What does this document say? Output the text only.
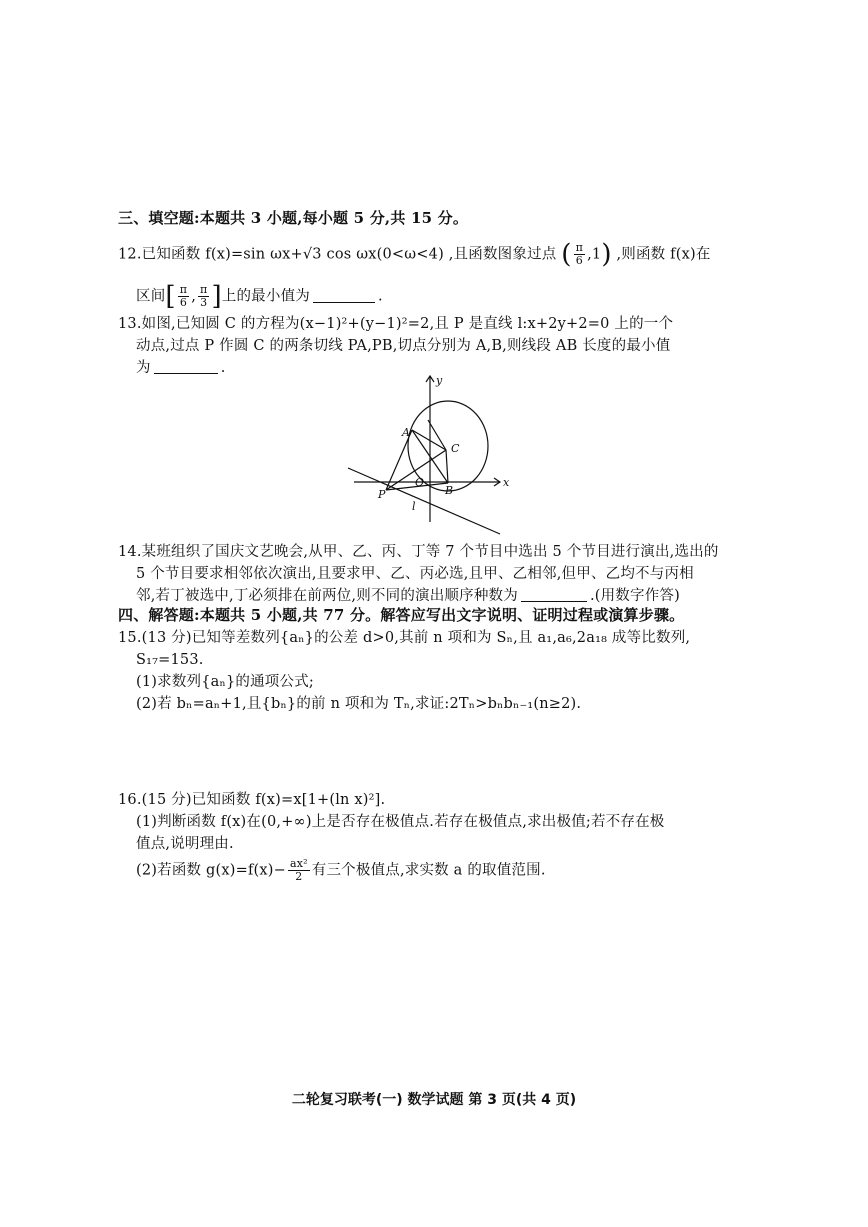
三、填空题:本题共 3 小题,每小题 5 分,共 15 分。
12.已知函数 f(x)=sin ωx+√3 cos ωx(0<ω<4) ,且函数图象过点 ( $\frac{\pi}{6} ,1$) ,则函数 f(x)在
区间[ $\frac{\pi}{6}$ , $\frac{\pi}{3}$ ]上的最小值为	.
13.如图,已知圆 C 的方程为(x−1)²+(y−1)²=2,且 P 是直线 l:x+2y+2=0 上的一个
动点,过点 P 作圆 C 的两条切线 PA,PB,切点分别为 A,B,则线段 AB 长度的最小值
为	.
y
x
A
C
O
B
P
l
14.某班组织了国庆文艺晚会,从甲、乙、丙、丁等 7 个节目中选出 5 个节目进行演出,选出的
5 个节目要求相邻依次演出,且要求甲、乙、丙必选,且甲、乙相邻,但甲、乙均不与丙相
邻,若丁被选中,丁必须排在前两位,则不同的演出顺序种数为	.(用数字作答)
四、解答题:本题共 5 小题,共 77 分。解答应写出文字说明、证明过程或演算步骤。
15.(13 分)已知等差数列{aₙ}的公差 d>0,其前 n 项和为 Sₙ,且 a₁,a₆,2a₁₈ 成等比数列,
S₁₇=153.
(1)求数列{aₙ}的通项公式;
(2)若 bₙ=aₙ+1,且{bₙ}的前 n 项和为 Tₙ,求证:2Tₙ>bₙbₙ₋₁(n≥2).
16.(15 分)已知函数 f(x)=x[1+(ln x)²].
(1)判断函数 f(x)在(0,+∞)上是否存在极值点.若存在极值点,求出极值;若不存在极
值点,说明理由.
(2)若函数 $g(x)=f(x)- \frac{\text{ax²}}{2}$ 有三个极值点,求实数 a 的取值范围.
二轮复习联考(一) 数学试题 第 3 页(共 4 页)
